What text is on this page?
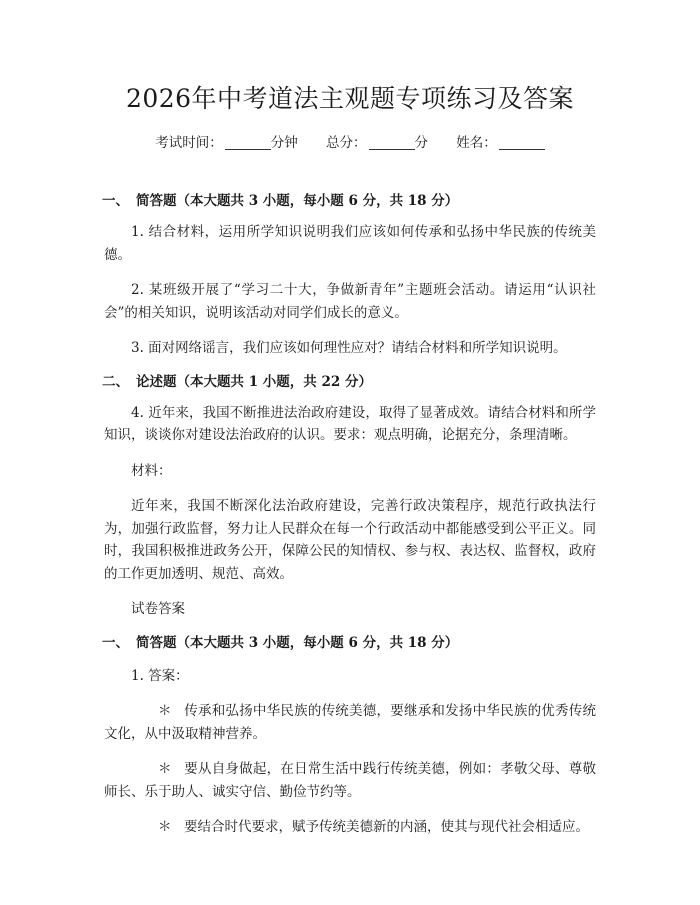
2026年中考道法主观题专项练习及答案
考试时间：	分钟 总分：	分 姓名：

一、 简答题（本大题共 3 小题，每小题 6 分，共 18 分）

1. 结合材料，运用所学知识说明我们应该如何传承和弘扬中华民族的传统美德。

2. 某班级开展了“学习二十大，争做新青年”主题班会活动。请运用“认识社会”的相关知识，说明该活动对同学们成长的意义。

3. 面对网络谣言，我们应该如何理性应对？请结合材料和所学知识说明。

二、 论述题（本大题共 1 小题，共 22 分）

4. 近年来，我国不断推进法治政府建设，取得了显著成效。请结合材料和所学知识，谈谈你对建设法治政府的认识。要求：观点明确，论据充分，条理清晰。

材料：

近年来，我国不断深化法治政府建设，完善行政决策程序，规范行政执法行为，加强行政监督，努力让人民群众在每一个行政活动中都能感受到公平正义。同时，我国积极推进政务公开，保障公民的知情权、参与权、表达权、监督权，政府的工作更加透明、规范、高效。

试卷答案

一、 简答题（本大题共 3 小题，每小题 6 分，共 18 分）

1. 答案：

＊ 传承和弘扬中华民族的传统美德，要继承和发扬中华民族的优秀传统文化，从中汲取精神营养。

＊ 要从自身做起，在日常生活中践行传统美德，例如：孝敬父母、尊敬师长、乐于助人、诚实守信、勤俭节约等。

＊ 要结合时代要求，赋予传统美德新的内涵，使其与现代社会相适应。
